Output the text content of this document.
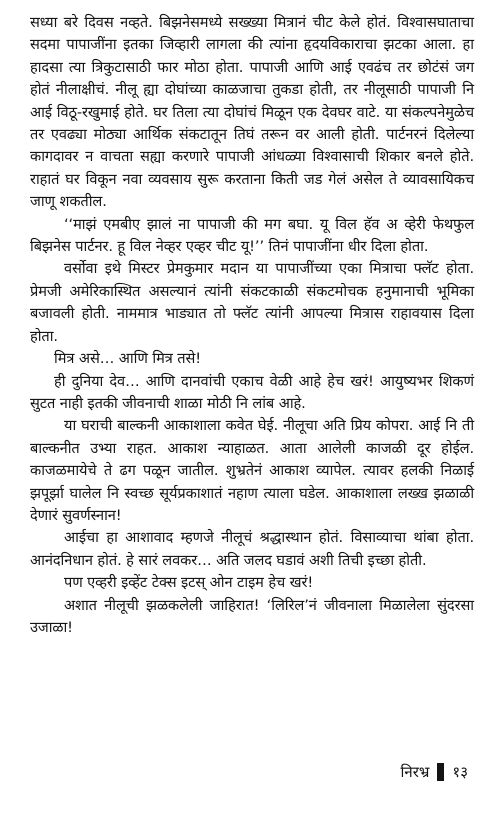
सध्या बरे दिवस नव्हते. बिझनेसमध्ये सख्ख्या मित्रानं चीट केले होतं. विश्वासघाताचा सदमा पापाजींना इतका जिव्हारी लागला की त्यांना हृदयविकाराचा झटका आला. हा हादसा त्या त्रिकुटासाठी फार मोठा होता. पापाजी आणि आई एवढंच तर छोटंसं जग होतं नीलाक्षीचं. नीलू ह्या दोघांच्या काळजाचा तुकडा होती, तर नीलूसाठी पापाजी नि आई विठू-रखुमाई होते. घर तिला त्या दोघांचं मिळून एक देवघर वाटे. या संकल्पनेमुळेच तर एवढ्या मोठ्या आर्थिक संकटातून तिघं तरून वर आली होती. पार्टनरनं दिलेल्या कागदावर न वाचता सह्या करणारे पापाजी आंधळ्या विश्वासाची शिकार बनले होते. राहातं घर विकून नवा व्यवसाय सुरू करताना किती जड गेलं असेल ते व्यावसायिकच जाणू शकतील.

‘‘माझं एमबीए झालं ना पापाजी की मग बघा. यू विल हॅव अ व्हेरी फेथफुल बिझनेस पार्टनर. हू विल नेव्हर एव्हर चीट यू!’’ तिनं पापाजींना धीर दिला होता.

वर्सोवा इथे मिस्टर प्रेमकुमार मदान या पापाजींच्या एका मित्राचा फ्लॅट होता. प्रेमजी अमेरिकास्थित असल्यानं त्यांनी संकटकाळी संकटमोचक हनुमानाची भूमिका बजावली होती. नाममात्र भाड्यात तो फ्लॅट त्यांनी आपल्या मित्रास राहावयास दिला होता.

मित्र असे… आणि मित्र तसे!

ही दुनिया देव… आणि दानवांची एकाच वेळी आहे हेच खरं! आयुष्यभर शिकणं सुटत नाही इतकी जीवनाची शाळा मोठी नि लांब आहे.

या घराची बाल्कनी आकाशाला कवेत घेई. नीलूचा अति प्रिय कोपरा. आई नि ती बाल्कनीत उभ्या राहत. आकाश न्याहाळत. आता आलेली काजळी दूर होईल. काजळमायेचे ते ढग पळून जातील. शुभ्रतेनं आकाश व्यापेल. त्यावर हलकी निळाई झपूर्झा घालेल नि स्वच्छ सूर्यप्रकाशातं नहाण त्याला घडेल. आकाशाला लख्ख झळाळी देणारं सुवर्णस्नान!

आईचा हा आशावाद म्हणजे नीलूचं श्रद्धास्थान होतं. विसाव्याचा थांबा होता. आनंदनिधान होतं. हे सारं लवकर… अति जलद घडावं अशी तिची इच्छा होती.

पण एव्हरी इव्हेंट टेक्स इटस् ओन टाइम हेच खरं!

अशात नीलूची झळकलेली जाहिरात! ‘लिरिल’नं जीवनाला मिळालेला सुंदरसा उजाळा!

निरभ्र १३
